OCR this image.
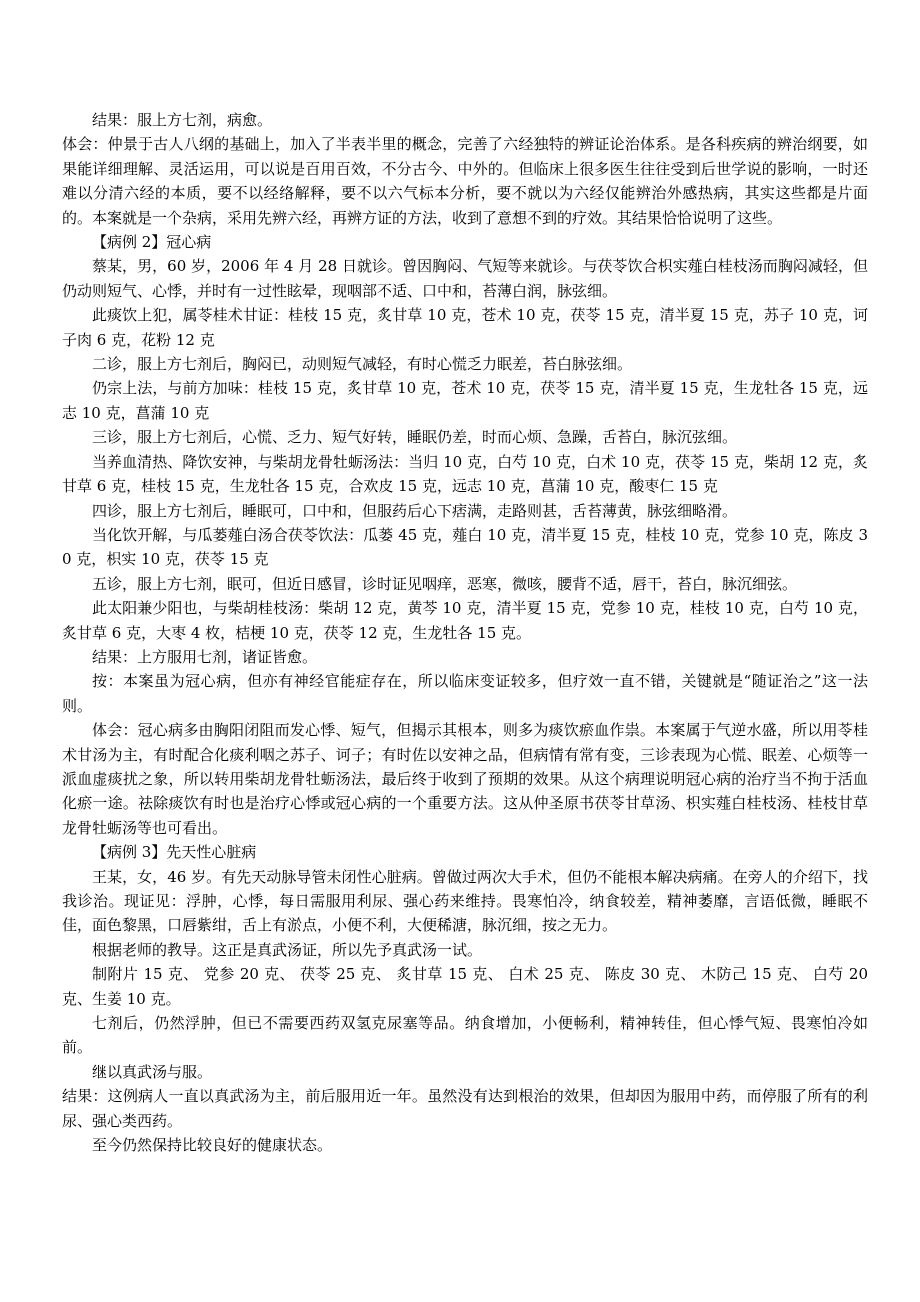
结果：服上方七剂，病愈。

体会：仲景于古人八纲的基础上，加入了半表半里的概念，完善了六经独特的辨证论治体系。是各科疾病的辨治纲要，如果能详细理解、灵活运用，可以说是百用百效，不分古今、中外的。但临床上很多医生往往受到后世学说的影响，一时还难以分清六经的本质，要不以经络解释，要不以六气标本分析，要不就以为六经仅能辨治外感热病，其实这些都是片面的。本案就是一个杂病，采用先辨六经，再辨方证的方法，收到了意想不到的疗效。其结果恰恰说明了这些。

【病例 2】冠心病

蔡某，男，60 岁，2006 年 4 月 28 日就诊。曾因胸闷、气短等来就诊。与茯苓饮合枳实薤白桂枝汤而胸闷减轻，但仍动则短气、心悸，并时有一过性眩晕，现咽部不适、口中和，苔薄白润，脉弦细。

此痰饮上犯，属苓桂术甘证：桂枝 15 克，炙甘草 10 克，苍术 10 克，茯苓 15 克，清半夏 15 克，苏子 10 克，诃子肉 6 克，花粉 12 克

二诊，服上方七剂后，胸闷已，动则短气减轻，有时心慌乏力眠差，苔白脉弦细。

仍宗上法，与前方加味：桂枝 15 克，炙甘草 10 克，苍术 10 克，茯苓 15 克，清半夏 15 克，生龙牡各 15 克，远志 10 克，菖蒲 10 克

三诊，服上方七剂后，心慌、乏力、短气好转，睡眠仍差，时而心烦、急躁，舌苔白，脉沉弦细。

当养血清热、降饮安神，与柴胡龙骨牡蛎汤法：当归 10 克，白芍 10 克，白术 10 克，茯苓 15 克，柴胡 12 克，炙甘草 6 克，桂枝 15 克，生龙牡各 15 克，合欢皮 15 克，远志 10 克，菖蒲 10 克，酸枣仁 15 克

四诊，服上方七剂后，睡眠可，口中和，但服药后心下痞满，走路则甚，舌苔薄黄，脉弦细略滑。

当化饮开解，与瓜蒌薤白汤合茯苓饮法：瓜蒌 45 克，薤白 10 克，清半夏 15 克，桂枝 10 克，党参 10 克，陈皮 30 克，枳实 10 克，茯苓 15 克

五诊，服上方七剂，眠可，但近日感冒，诊时证见咽痒，恶寒，微咳，腰背不适，唇干，苔白，脉沉细弦。

此太阳兼少阳也，与柴胡桂枝汤：柴胡 12 克，黄芩 10 克，清半夏 15 克，党参 10 克，桂枝 10 克，白芍 10 克，炙甘草 6 克，大枣 4 枚，桔梗 10 克，茯苓 12 克，生龙牡各 15 克。

结果：上方服用七剂，诸证皆愈。

按：本案虽为冠心病，但亦有神经官能症存在，所以临床变证较多，但疗效一直不错，关键就是“随证治之”这一法则。

体会：冠心病多由胸阳闭阻而发心悸、短气，但揭示其根本，则多为痰饮瘀血作祟。本案属于气逆水盛，所以用苓桂术甘汤为主，有时配合化痰利咽之苏子、诃子；有时佐以安神之品，但病情有常有变，三诊表现为心慌、眠差、心烦等一派血虚痰扰之象，所以转用柴胡龙骨牡蛎汤法，最后终于收到了预期的效果。从这个病理说明冠心病的治疗当不拘于活血化瘀一途。祛除痰饮有时也是治疗心悸或冠心病的一个重要方法。这从仲圣原书茯苓甘草汤、枳实薤白桂枝汤、桂枝甘草龙骨牡蛎汤等也可看出。

【病例 3】先天性心脏病

王某，女，46 岁。有先天动脉导管未闭性心脏病。曾做过两次大手术，但仍不能根本解决病痛。在旁人的介绍下，找我诊治。现证见：浮肿，心悸，每日需服用利尿、强心药来维持。畏寒怕冷，纳食较差，精神萎靡，言语低微，睡眠不佳，面色黎黑，口唇紫绀，舌上有淤点，小便不利，大便稀溏，脉沉细，按之无力。

根据老师的教导。这正是真武汤证，所以先予真武汤一试。

制附片 15 克、 党参 20 克、 茯苓 25 克、 炙甘草 15 克、 白术 25 克、 陈皮 30 克、 木防己 15 克、 白芍 20 克、生姜 10 克。

七剂后，仍然浮肿，但已不需要西药双氢克尿塞等品。纳食增加，小便畅利，精神转佳，但心悸气短、畏寒怕冷如前。

继以真武汤与服。

结果：这例病人一直以真武汤为主，前后服用近一年。虽然没有达到根治的效果，但却因为服用中药，而停服了所有的利尿、强心类西药。

至今仍然保持比较良好的健康状态。
